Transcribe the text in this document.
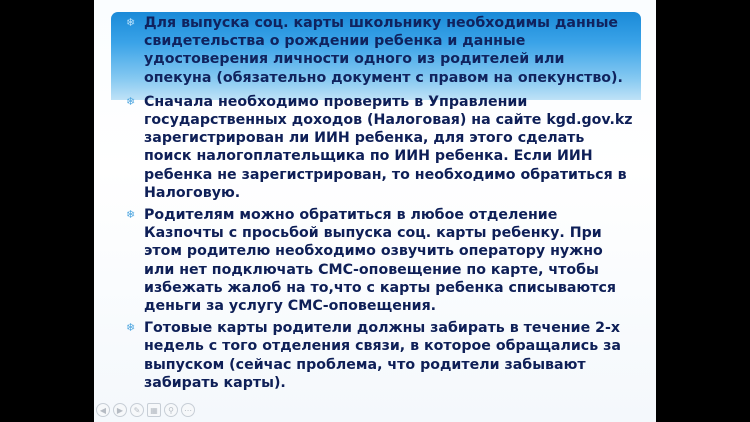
❄ Для выпуска соц. карты школьнику необходимы данные свидетельства о рождении ребенка и данные удостоверения личности одного из родителей или опекуна (обязательно документ с правом на опекунство).
❄ Сначала необходимо проверить в Управлении государственных доходов (Налоговая) на сайте kgd.gov.kz зарегистрирован ли ИИН ребенка, для этого сделать поиск налогоплательщика по ИИН ребенка. Если ИИН ребенка не зарегистрирован, то необходимо обратиться в Налоговую.
❄ Родителям можно обратиться в любое отделение Казпочты с просьбой выпуска соц. карты ребенку. При этом родителю необходимо озвучить оператору нужно или нет подключать СМС-оповещение по карте, чтобы избежать жалоб на то,что с карты ребенка списываются деньги за услугу СМС-оповещения.
❄ Готовые карты родители должны забирать в течение 2-х недель с того отделения связи, в которое обращались за выпуском (сейчас проблема, что родители забывают забирать карты).
◀	▶	✎	▦	⚲	⋯
